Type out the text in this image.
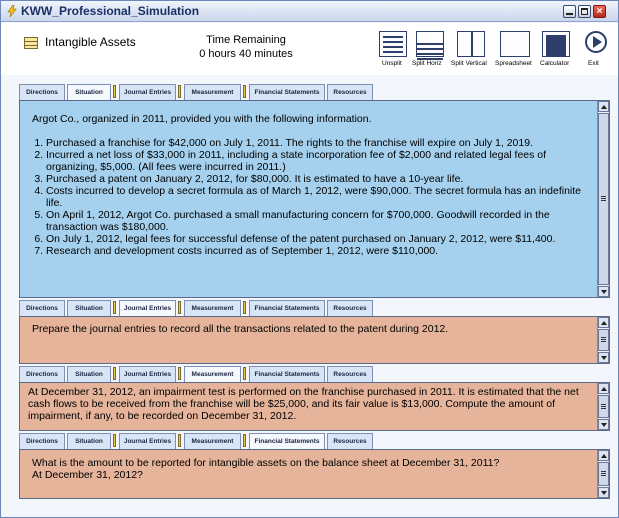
KWW_Professional_Simulation	×
Intangible Assets	Time Remaining
0 hours 40 minutes
Unsplit Split Horiz Split Vertical Spreadsheet Calculator	Exit
Directions	Situation	Journal Entries	Measurement	Financial Statements	Resources
Argot Co., organized in 2011, provided you with the following information.
1. Purchased a franchise for $42,000 on July 1, 2011. The rights to the franchise will expire on July 1, 2019.
2. Incurred a net loss of $33,000 in 2011, including a state incorporation fee of $2,000 and related legal fees of organizing, $5,000. (All fees were incurred in 2011.)
3. Purchased a patent on January 2, 2012, for $80,000. It is estimated to have a 10-year life.
4. Costs incurred to develop a secret formula as of March 1, 2012, were $90,000. The secret formula has an indefinite life.
5. On April 1, 2012, Argot Co. purchased a small manufacturing concern for $700,000. Goodwill recorded in the transaction was $180,000.
6. On July 1, 2012, legal fees for successful defense of the patent purchased on January 2, 2012, were $11,400.
7. Research and development costs incurred as of September 1, 2012, were $110,000.
Directions	Situation	Journal Entries	Measurement	Financial Statements	Resources
Prepare the journal entries to record all the transactions related to the patent during 2012.
Directions	Situation	Journal Entries	Measurement	Financial Statements	Resources
At December 31, 2012, an impairment test is performed on the franchise purchased in 2011. It is estimated that the net cash flows to be received from the franchise will be $25,000, and its fair value is $13,000. Compute the amount of impairment, if any, to be recorded on December 31, 2012.
Directions	Situation	Journal Entries	Measurement	Financial Statements	Resources
What is the amount to be reported for intangible assets on the balance sheet at December 31, 2011?
At December 31, 2012?
